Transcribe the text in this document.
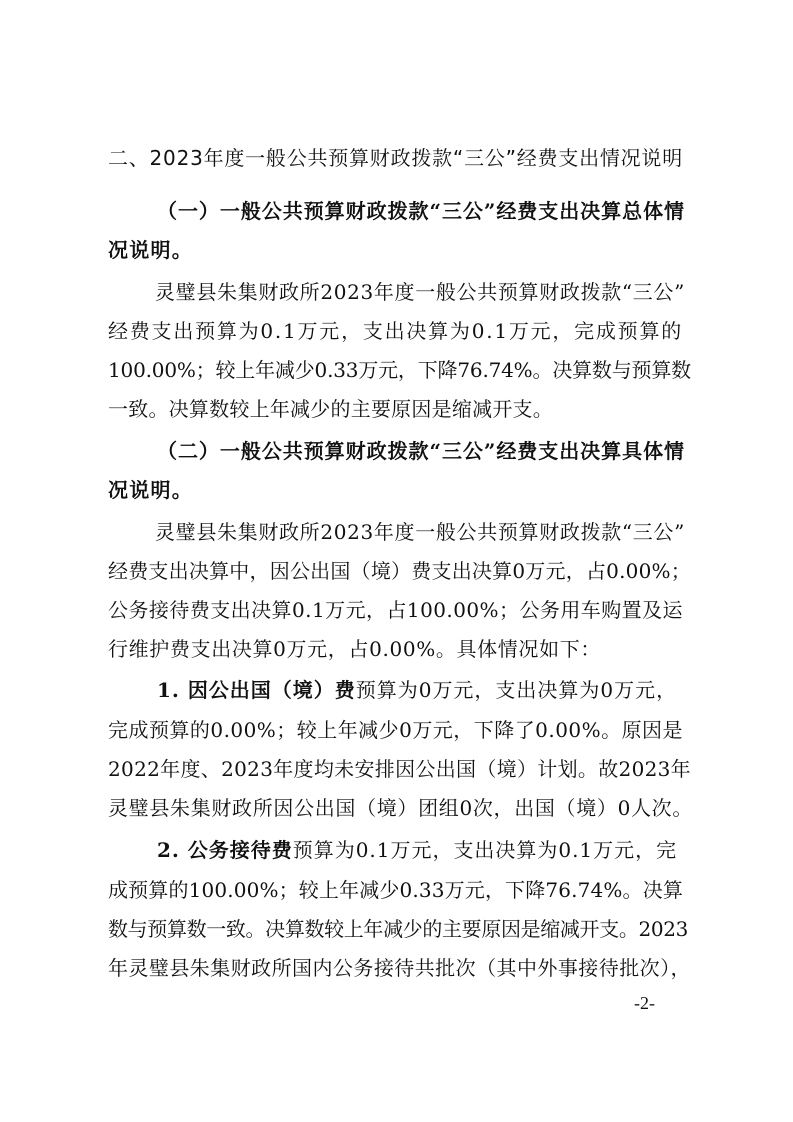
二、2023年度一般公共预算财政拨款“三公”经费支出情况说明
（一）一般公共预算财政拨款“三公”经费支出决算总体情
况说明。
灵璧县朱集财政所2023年度一般公共预算财政拨款“三公”
经费支出预算为0.1万元，支出决算为0.1万元，完成预算的
100.00%；较上年减少0.33万元，下降76.74%。决算数与预算数
一致。决算数较上年减少的主要原因是缩减开支。
（二）一般公共预算财政拨款“三公”经费支出决算具体情
况说明。
灵璧县朱集财政所2023年度一般公共预算财政拨款“三公”
经费支出决算中，因公出国（境）费支出决算0万元，占0.00%；
公务接待费支出决算0.1万元，占100.00%；公务用车购置及运
行维护费支出决算0万元，占0.00%。具体情况如下：
完成预算的0.00%；较上年减少0万元，下降了0.00%。原因是
2022年度、2023年度均未安排因公出国（境）计划。故2023年
灵璧县朱集财政所因公出国（境）团组0次，出国（境）0人次。
成预算的100.00%；较上年减少0.33万元，下降76.74%。决算
数与预算数一致。决算数较上年减少的主要原因是缩减开支。2023
年灵璧县朱集财政所国内公务接待共批次（其中外事接待批次），
1. 因公出国（境）费预算为0万元，支出决算为0万元，
2. 公务接待费预算为0.1万元，支出决算为0.1万元，完
-2-
